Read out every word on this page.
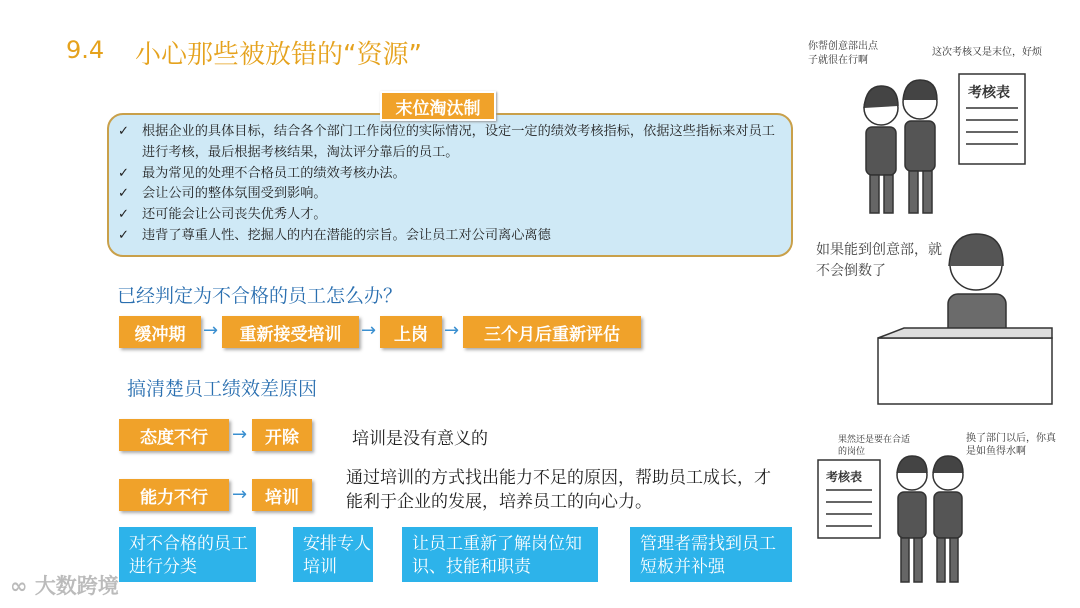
9.4 小心那些被放错的“资源”
✓ 根据企业的具体目标，结合各个部门工作岗位的实际情况，设定一定的绩效考核指标，依据这些指标来对员工进行考核，最后根据考核结果，淘汰评分靠后的员工。
✓ 最为常见的处理不合格员工的绩效考核办法。
✓ 会让公司的整体氛围受到影响。
✓ 还可能会让公司丧失优秀人才。
✓ 违背了尊重人性、挖掘人的内在潜能的宗旨。会让员工对公司离心离德
末位淘汰制
已经判定为不合格的员工怎么办？
缓冲期 →	重新接受培训	→	上岗 →	三个月后重新评估
搞清楚员工绩效差原因
态度不行	→	开除	培训是没有意义的
能力不行	→	培训
通过培训的方式找出能力不足的原因，帮助员工成长，才能利于企业的发展，培养员工的向心力。
对不合格的员工进行分类
安排专人培训
让员工重新了解岗位知识、技能和职责
管理者需找到员工短板并补强
∞ 大数跨境
你帮创意部出点子就很在行啊
这次考核又是末位，好烦
考核表
如果能到创意部，就不会倒数了
考核表
果然还是要在合适的岗位
换了部门以后，你真是如鱼得水啊
